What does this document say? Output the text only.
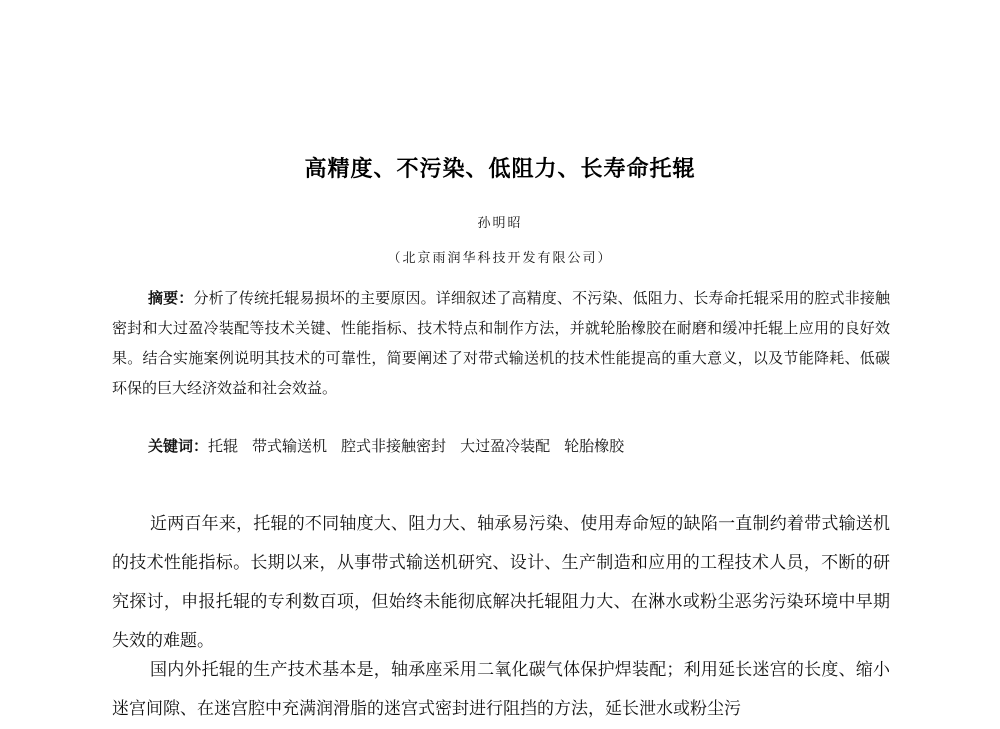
高精度、不污染、低阻力、长寿命托辊
孙明昭
（北京雨润华科技开发有限公司）

摘要：分析了传统托辊易损坏的主要原因。详细叙述了高精度、不污染、低阻力、长寿命托辊采用的腔式非接触密封和大过盈冷装配等技术关键、性能指标、技术特点和制作方法，并就轮胎橡胶在耐磨和缓冲托辊上应用的良好效果。结合实施案例说明其技术的可靠性，简要阐述了对带式输送机的技术性能提高的重大意义，以及节能降耗、低碳环保的巨大经济效益和社会效益。

关键词：托辊 带式输送机 腔式非接触密封 大过盈冷装配 轮胎橡胶

近两百年来，托辊的不同轴度大、阻力大、轴承易污染、使用寿命短的缺陷一直制约着带式输送机的技术性能指标。长期以来，从事带式输送机研究、设计、生产制造和应用的工程技术人员，不断的研究探讨，申报托辊的专利数百项，但始终未能彻底解决托辊阻力大、在淋水或粉尘恶劣污染环境中早期失效的难题。

国内外托辊的生产技术基本是，轴承座采用二氧化碳气体保护焊装配；利用延长迷宫的长度、缩小迷宫间隙、在迷宫腔中充满润滑脂的迷宫式密封进行阻挡的方法，延长泄水或粉尘污
